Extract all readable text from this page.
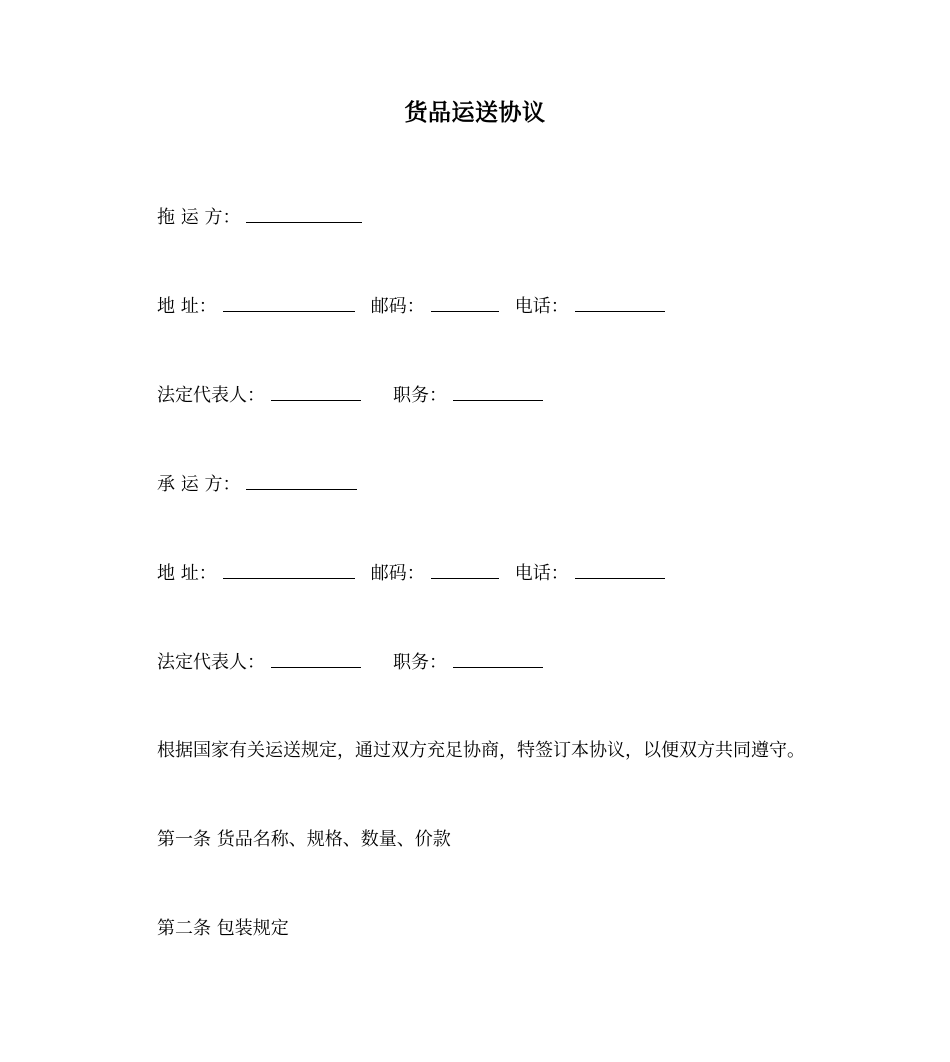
货品运送协议
拖 运 方：
地 址：	邮码：	电话：
法定代表人：	职务：
承 运 方：
地 址：	邮码：	电话：
法定代表人：	职务：
根据国家有关运送规定，通过双方充足协商，特签订本协议，以便双方共同遵守。
第一条 货品名称、规格、数量、价款
第二条 包装规定
